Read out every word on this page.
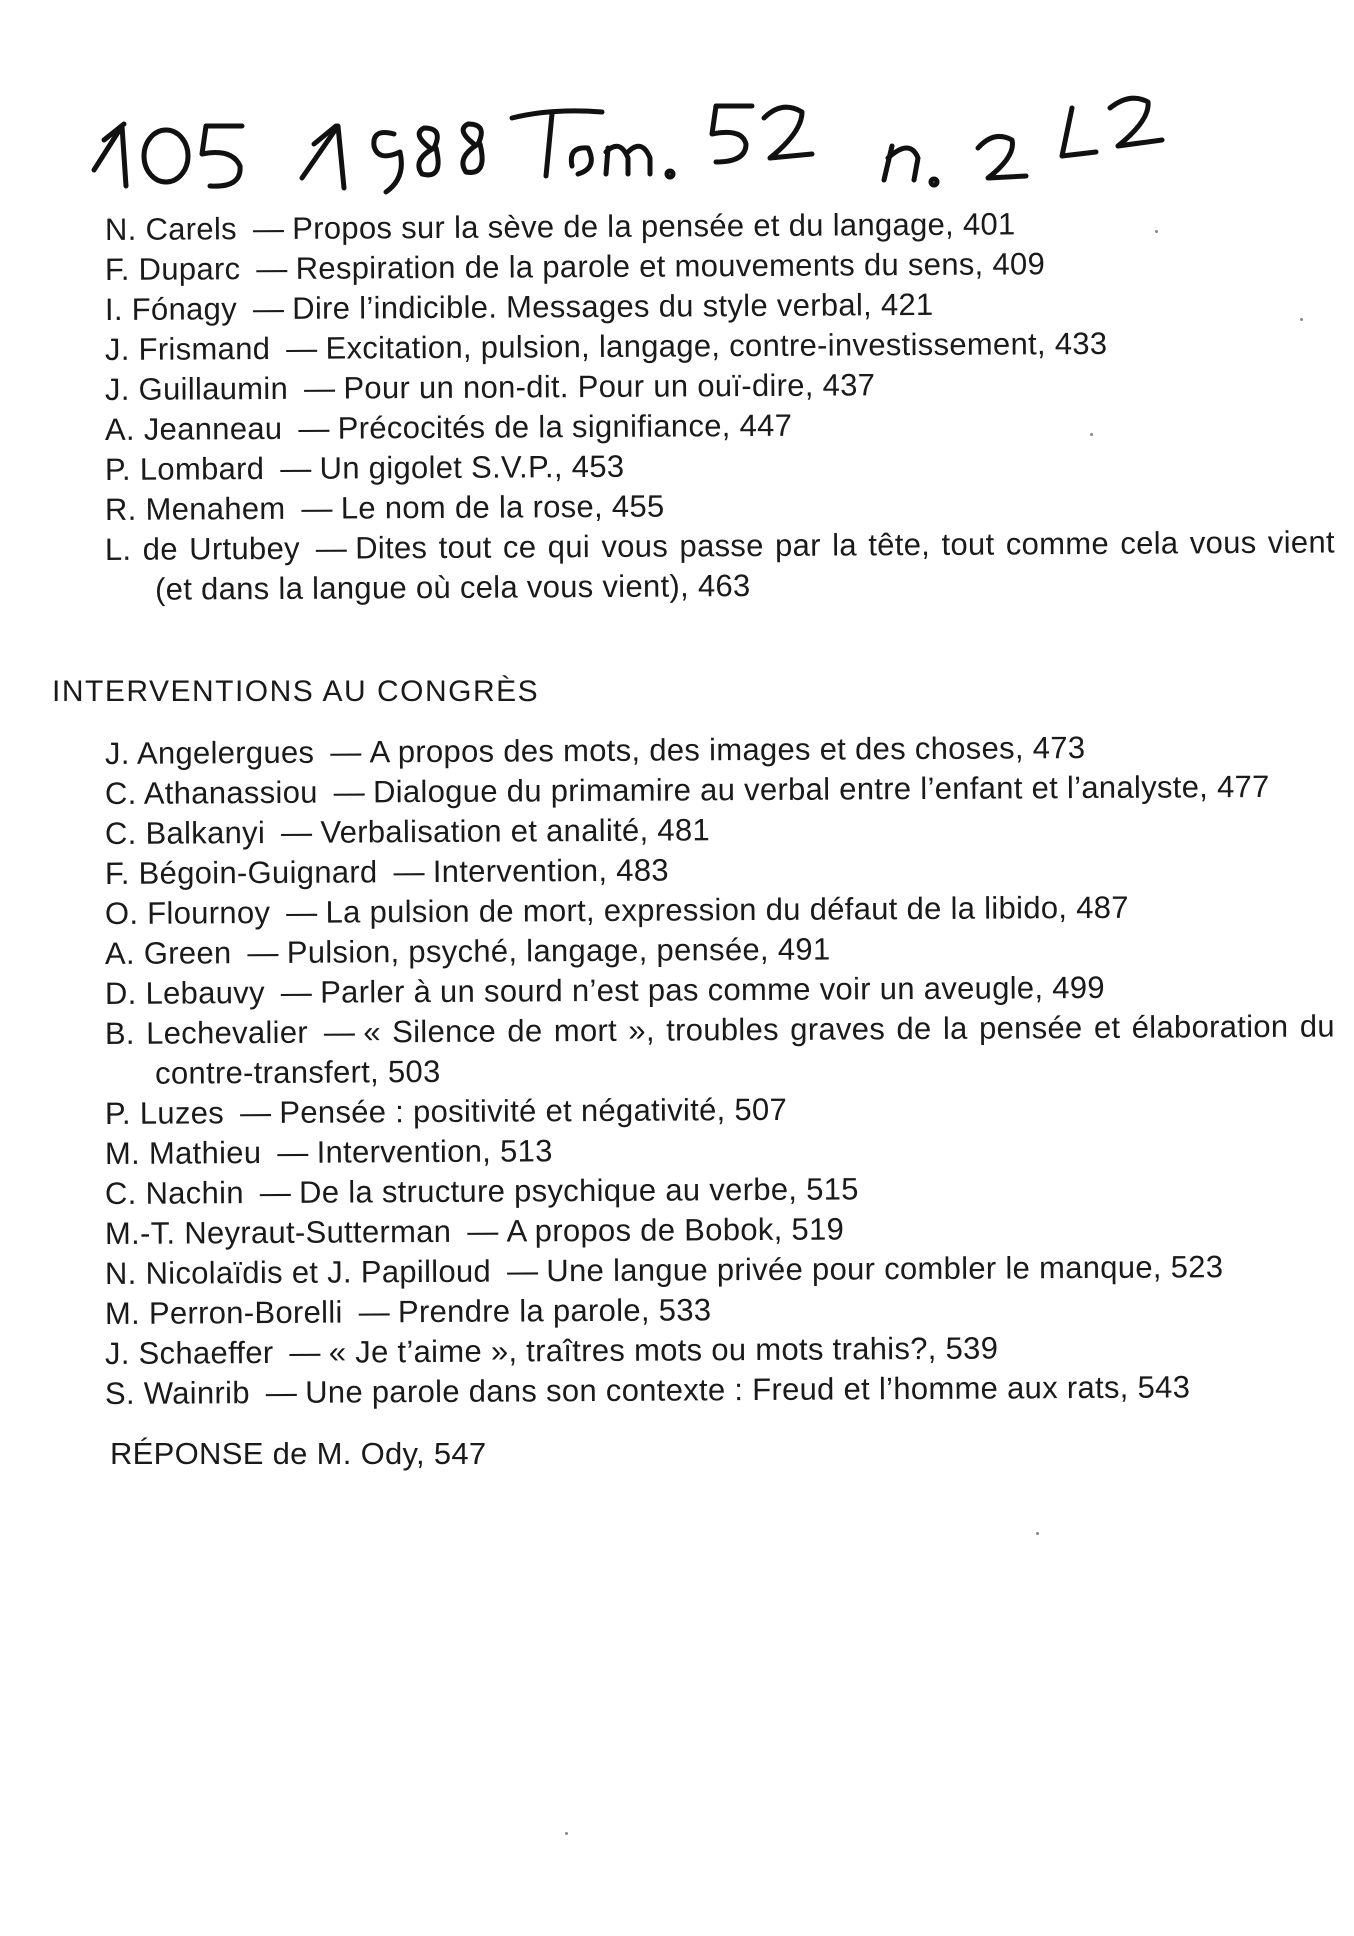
N. Carels — Propos sur la sève de la pensée et du langage, 401
F. Duparc — Respiration de la parole et mouvements du sens, 409
I. Fónagy — Dire l’indicible. Messages du style verbal, 421
J. Frismand — Excitation, pulsion, langage, contre-investissement, 433
J. Guillaumin — Pour un non-dit. Pour un ouï-dire, 437
A. Jeanneau — Précocités de la signifiance, 447
P. Lombard — Un gigolet S.V.P., 453
R. Menahem — Le nom de la rose, 455
L. de Urtubey — Dites tout ce qui vous passe par la tête, tout comme cela vous vient (et dans la langue où cela vous vient), 463
INTERVENTIONS AU CONGRÈS
J. Angelergues — A propos des mots, des images et des choses, 473
C. Athanassiou — Dialogue du primamire au verbal entre l’enfant et l’analyste, 477
C. Balkanyi — Verbalisation et analité, 481
F. Bégoin-Guignard — Intervention, 483
O. Flournoy — La pulsion de mort, expression du défaut de la libido, 487
A. Green — Pulsion, psyché, langage, pensée, 491
D. Lebauvy — Parler à un sourd n’est pas comme voir un aveugle, 499
B. Lechevalier — « Silence de mort », troubles graves de la pensée et élaboration du contre-transfert, 503
P. Luzes — Pensée : positivité et négativité, 507
M. Mathieu — Intervention, 513
C. Nachin — De la structure psychique au verbe, 515
M.-T. Neyraut-Sutterman — A propos de Bobok, 519
N. Nicolaïdis et J. Papilloud — Une langue privée pour combler le manque, 523
M. Perron-Borelli — Prendre la parole, 533
J. Schaeffer — « Je t’aime », traîtres mots ou mots trahis?, 539
S. Wainrib — Une parole dans son contexte : Freud et l’homme aux rats, 543
RÉPONSE de M. Ody, 547
